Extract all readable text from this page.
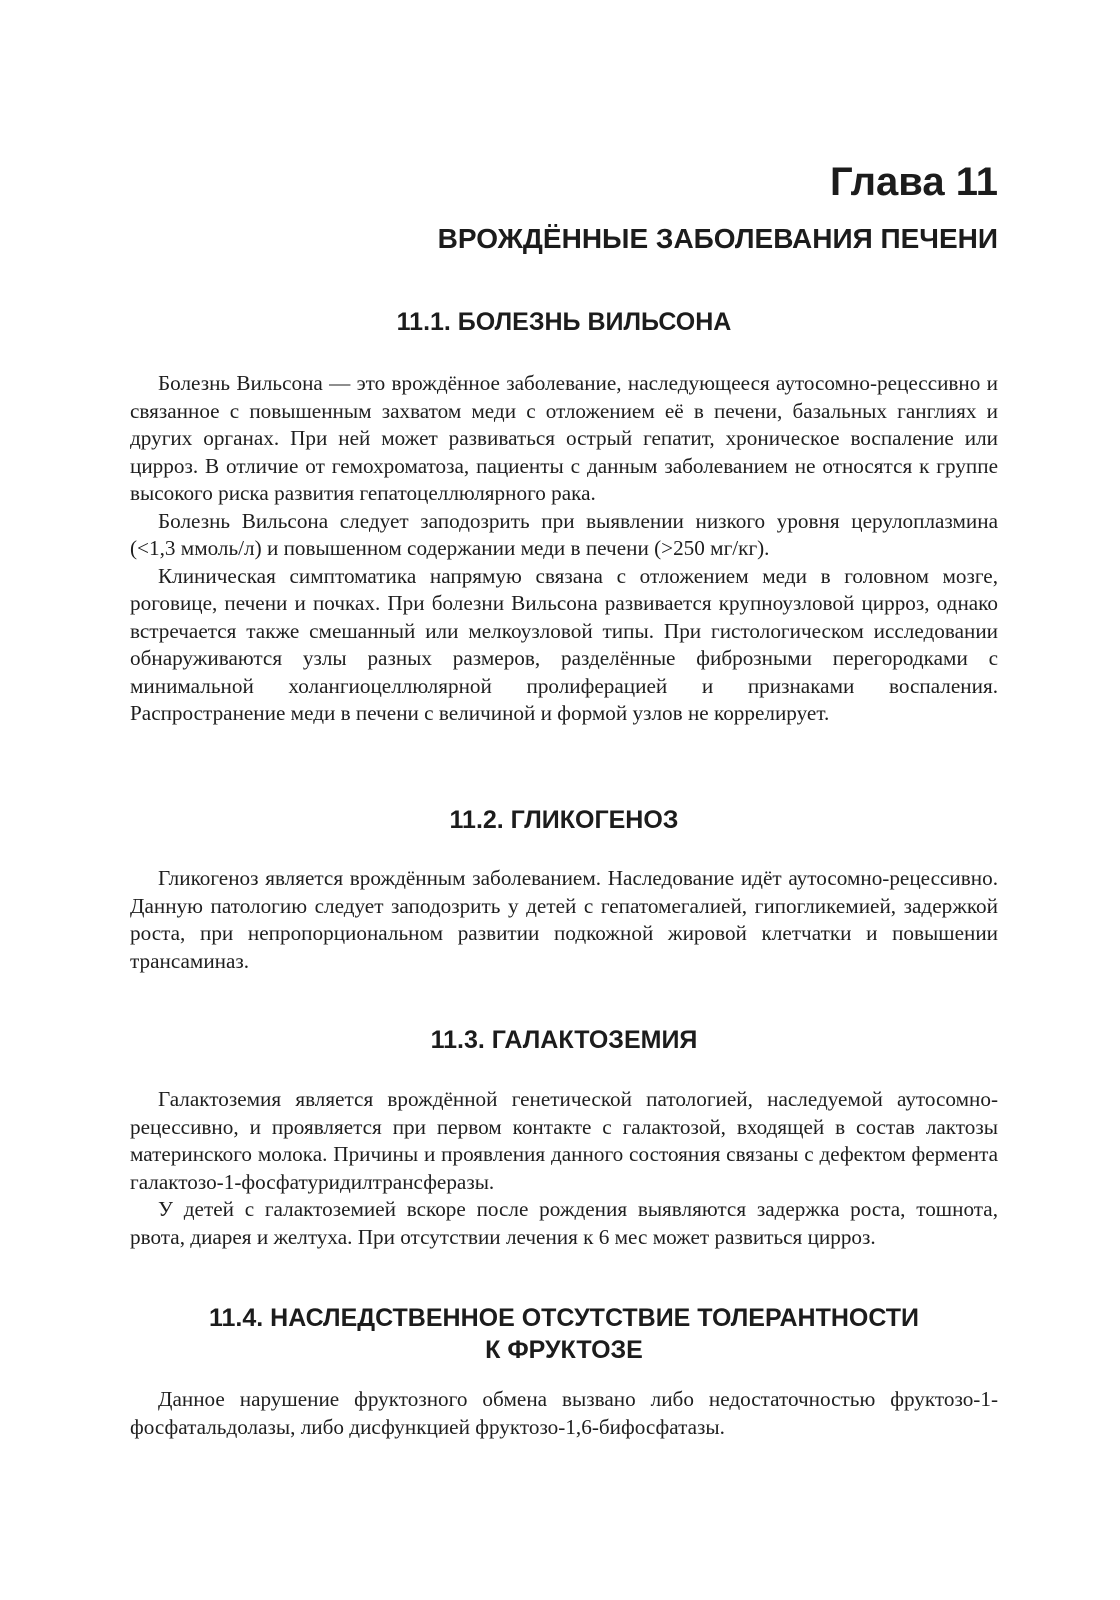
Глава 11
ВРОЖДЁННЫЕ ЗАБОЛЕВАНИЯ ПЕЧЕНИ
11.1. БОЛЕЗНЬ ВИЛЬСОНА

Болезнь Вильсона — это врождённое заболевание, наследующееся аутосомно-рецессивно и связанное с повышенным захватом меди с отложением её в печени, базальных ганглиях и других органах. При ней может развиваться острый гепатит, хроническое воспаление или цирроз. В отличие от гемохроматоза, пациенты с данным заболеванием не относятся к группе высокого риска развития гепатоцеллюлярного рака.

Болезнь Вильсона следует заподозрить при выявлении низкого уровня церулоплазмина (<1,3 ммоль/л) и повышенном содержании меди в печени (>250 мг/кг).

Клиническая симптоматика напрямую связана с отложением меди в головном мозге, роговице, печени и почках. При болезни Вильсона развивается крупноузловой цирроз, однако встречается также смешанный или мелкоузловой типы. При гистологическом исследовании обнаруживаются узлы разных размеров, разделённые фиброзными перегородками с минимальной холангиоцеллюлярной пролиферацией и признаками воспаления. Распространение меди в печени с величиной и формой узлов не коррелирует.

11.2. ГЛИКОГЕНОЗ

Гликогеноз является врождённым заболеванием. Наследование идёт аутосомно-рецессивно. Данную патологию следует заподозрить у детей с гепатомегалией, гипогликемией, задержкой роста, при непропорциональном развитии подкожной жировой клетчатки и повышении трансаминаз.

11.3. ГАЛАКТОЗЕМИЯ

Галактоземия является врождённой генетической патологией, наследуемой аутосомно-рецессивно, и проявляется при первом контакте с галактозой, входящей в состав лактозы материнского молока. Причины и проявления данного состояния связаны с дефектом фермента галактозо-1-фосфатуридилтрансферазы.

У детей с галактоземией вскоре после рождения выявляются задержка роста, тошнота, рвота, диарея и желтуха. При отсутствии лечения к 6 мес может развиться цирроз.

11.4. НАСЛЕДСТВЕННОЕ ОТСУТСТВИЕ ТОЛЕРАНТНОСТИ
К ФРУКТОЗЕ

Данное нарушение фруктозного обмена вызвано либо недостаточностью фруктозо-1-фосфатальдолазы, либо дисфункцией фруктозо-1,6-бифосфатазы.
